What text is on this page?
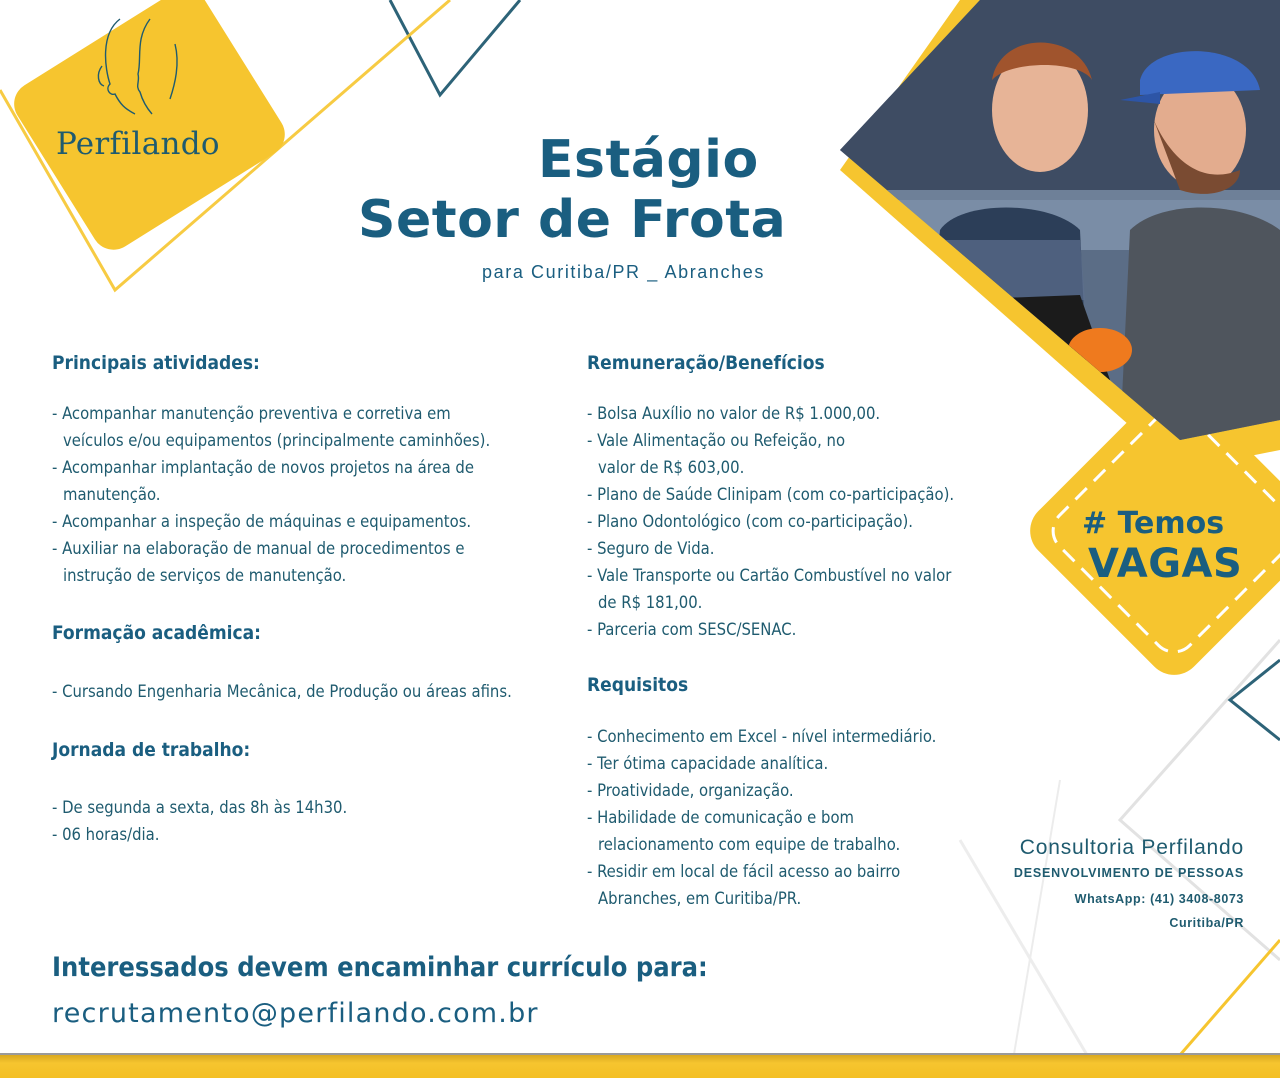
Perfilando	Estágio
Setor de Frota
para Curitiba/PR _ Abranches
Principais atividades:
- Acompanhar manutenção preventiva e corretiva em
veículos e/ou equipamentos (principalmente caminhões).
- Acompanhar implantação de novos projetos na área de
manutenção.
- Acompanhar a inspeção de máquinas e equipamentos.
- Auxiliar na elaboração de manual de procedimentos e
instrução de serviços de manutenção.
Formação acadêmica:
- Cursando Engenharia Mecânica, de Produção ou áreas afins.
Jornada de trabalho:
- De segunda a sexta, das 8h às 14h30.
- 06 horas/dia.
Remuneração/Benefícios
- Bolsa Auxílio no valor de R$ 1.000,00.
- Vale Alimentação ou Refeição, no
valor de R$ 603,00.
- Plano de Saúde Clinipam (com co-participação).
- Plano Odontológico (com co-participação).
- Seguro de Vida.
- Vale Transporte ou Cartão Combustível no valor
de R$ 181,00.
- Parceria com SESC/SENAC.
Requisitos
- Conhecimento em Excel - nível intermediário.
- Ter ótima capacidade analítica.
- Proatividade, organização.
- Habilidade de comunicação e bom
relacionamento com equipe de trabalho.
- Residir em local de fácil acesso ao bairro
Abranches, em Curitiba/PR.
# Temos
VAGAS
Consultoria Perfilando
DESENVOLVIMENTO DE PESSOAS
WhatsApp: (41) 3408-8073
Curitiba/PR
Interessados devem encaminhar currículo para:
recrutamento@perfilando.com.br
